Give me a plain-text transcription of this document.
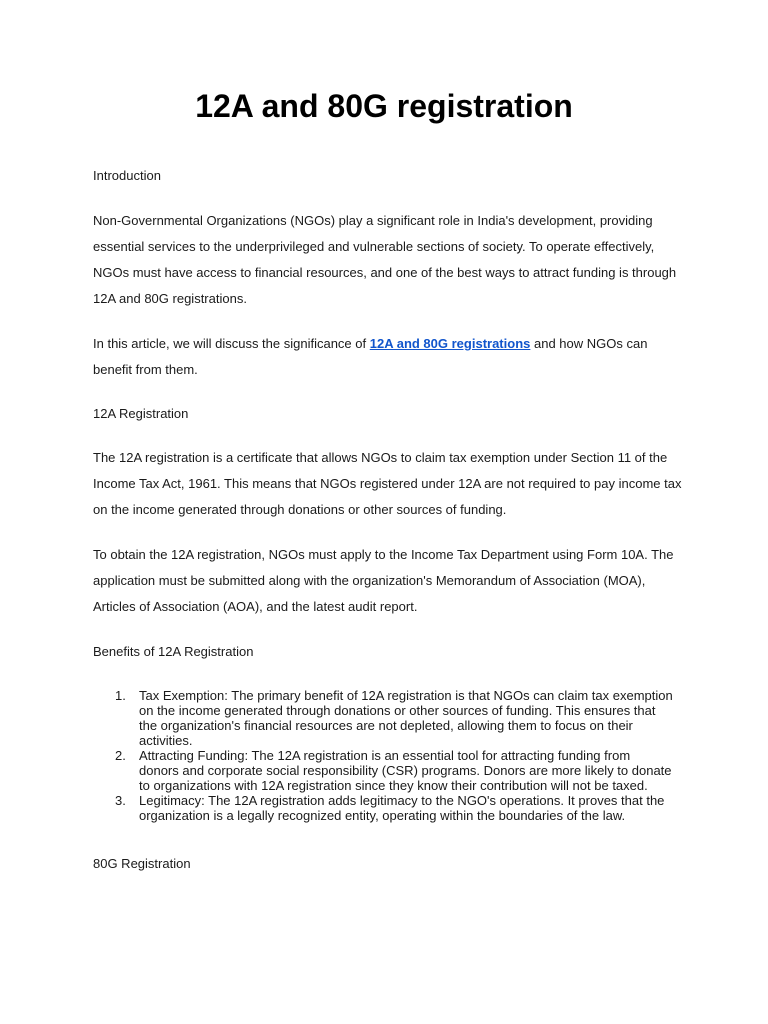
12A and 80G registration

Introduction

Non-Governmental Organizations (NGOs) play a significant role in India's development, providing essential services to the underprivileged and vulnerable sections of society. To operate effectively, NGOs must have access to financial resources, and one of the best ways to attract funding is through 12A and 80G registrations.

In this article, we will discuss the significance of 12A and 80G registrations and how NGOs can benefit from them.

12A Registration

The 12A registration is a certificate that allows NGOs to claim tax exemption under Section 11 of the Income Tax Act, 1961. This means that NGOs registered under 12A are not required to pay income tax on the income generated through donations or other sources of funding.

To obtain the 12A registration, NGOs must apply to the Income Tax Department using Form 10A. The application must be submitted along with the organization's Memorandum of Association (MOA), Articles of Association (AOA), and the latest audit report.

Benefits of 12A Registration

1. Tax Exemption: The primary benefit of 12A registration is that NGOs can claim tax exemption on the income generated through donations or other sources of funding. This ensures that the organization's financial resources are not depleted, allowing them to focus on their activities.
2. Attracting Funding: The 12A registration is an essential tool for attracting funding from donors and corporate social responsibility (CSR) programs. Donors are more likely to donate to organizations with 12A registration since they know their contribution will not be taxed.
3. Legitimacy: The 12A registration adds legitimacy to the NGO's operations. It proves that the organization is a legally recognized entity, operating within the boundaries of the law.

80G Registration
